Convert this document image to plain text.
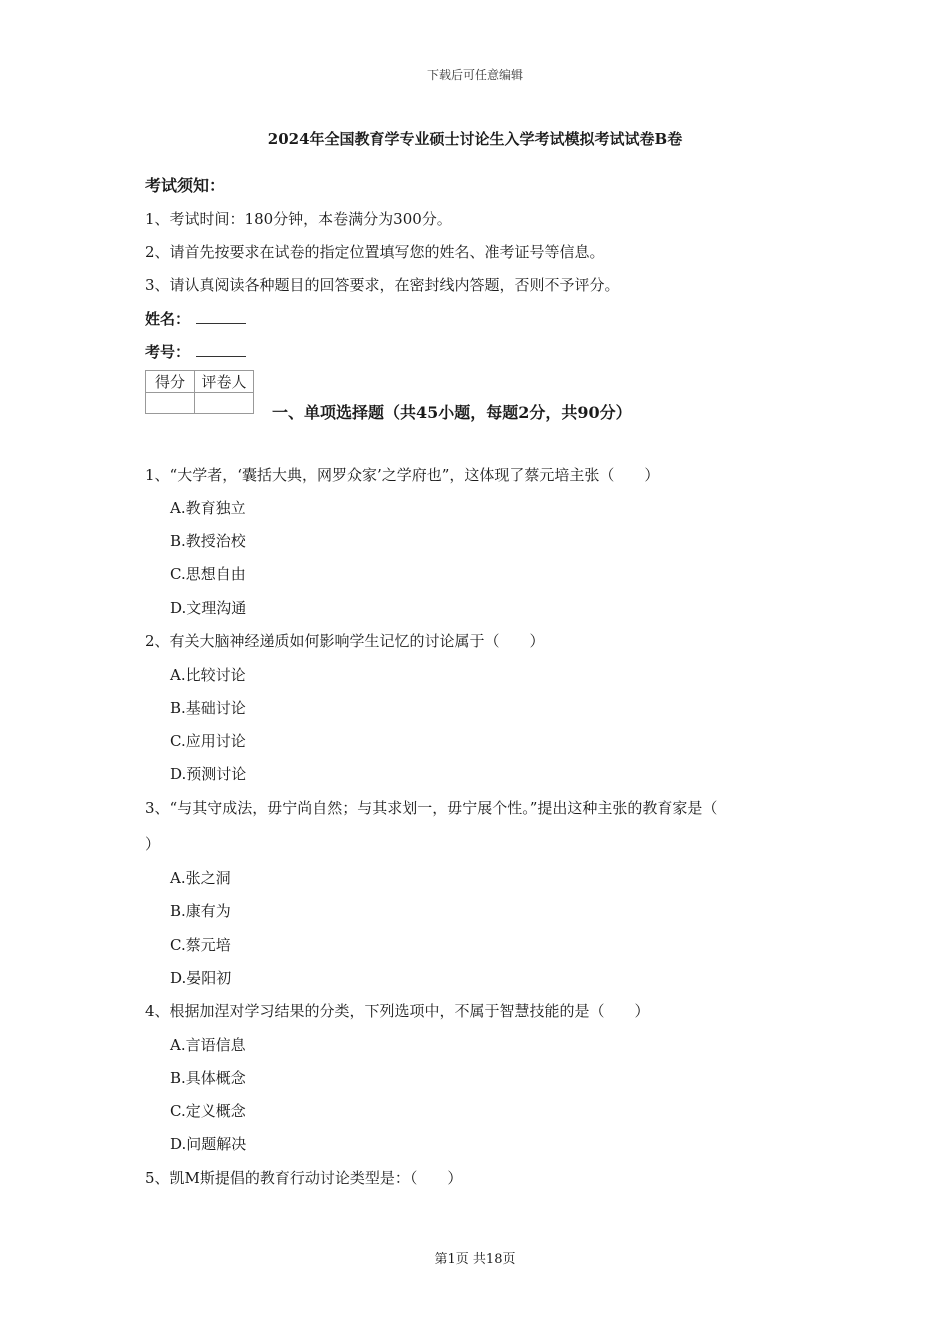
下载后可任意编辑
2024年全国教育学专业硕士讨论生入学考试模拟考试试卷B卷
考试须知：
1、考试时间：180分钟，本卷满分为300分。
2、请首先按要求在试卷的指定位置填写您的姓名、准考证号等信息。
3、请认真阅读各种题目的回答要求，在密封线内答题，否则不予评分。
姓名：
考号：
得分	评卷人

一、单项选择题（共45小题，每题2分，共90分）
1、“大学者，‘囊括大典，网罗众家’之学府也”，这体现了蔡元培主张（　　）
A.教育独立
B.教授治校
C.思想自由
D.文理沟通
2、有关大脑神经递质如何影响学生记忆的讨论属于（　　）
A.比较讨论
B.基础讨论
C.应用讨论
D.预测讨论
3、“与其守成法，毋宁尚自然；与其求划一，毋宁展个性。”提出这种主张的教育家是（
）
A.张之洞
B.康有为
C.蔡元培
D.晏阳初
4、根据加涅对学习结果的分类，下列选项中，不属于智慧技能的是（　　）
A.言语信息
B.具体概念
C.定义概念
D.问题解决
5、凯M斯提倡的教育行动讨论类型是：（　　）
第1页 共18页
